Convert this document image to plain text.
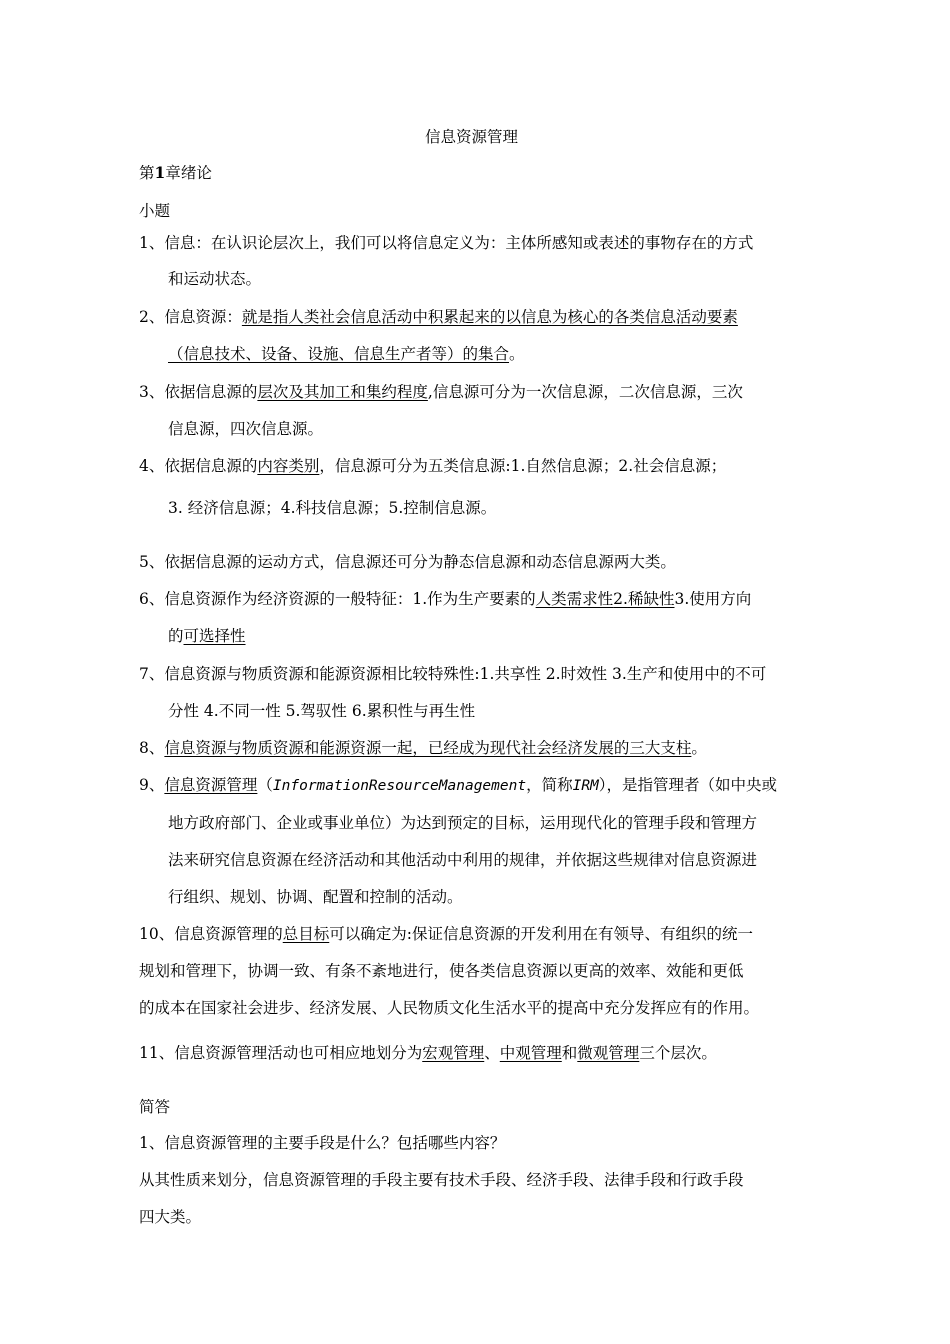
信息资源管理
第1章绪论
小题
1、信息：在认识论层次上，我们可以将信息定义为：主体所感知或表述的事物存在的方式
和运动状态。
2、信息资源：就是指人类社会信息活动中积累起来的以信息为核心的各类信息活动要素
（信息技术、设备、设施、信息生产者等）的集合。
3、依据信息源的层次及其加工和集约程度,信息源可分为一次信息源，二次信息源，三次
信息源，四次信息源。
4、依据信息源的内容类别，信息源可分为五类信息源:1.自然信息源；2.社会信息源；
3. 经济信息源；4.科技信息源；5.控制信息源。
5、依据信息源的运动方式，信息源还可分为静态信息源和动态信息源两大类。
6、信息资源作为经济资源的一般特征：1.作为生产要素的人类需求性2.稀缺性3.使用方向
的可选择性
7、信息资源与物质资源和能源资源相比较特殊性:1.共享性 2.时效性 3.生产和使用中的不可
分性 4.不同一性 5.驾驭性 6.累积性与再生性
8、信息资源与物质资源和能源资源一起，已经成为现代社会经济发展的三大支柱。
9、信息资源管理（InformationResourceManagement，简称IRM），是指管理者（如中央或
地方政府部门、企业或事业单位）为达到预定的目标，运用现代化的管理手段和管理方
法来研究信息资源在经济活动和其他活动中利用的规律，并依据这些规律对信息资源进
行组织、规划、协调、配置和控制的活动。
10、信息资源管理的总目标可以确定为:保证信息资源的开发利用在有领导、有组织的统一
规划和管理下，协调一致、有条不紊地进行，使各类信息资源以更高的效率、效能和更低
的成本在国家社会进步、经济发展、人民物质文化生活水平的提高中充分发挥应有的作用。
11、信息资源管理活动也可相应地划分为宏观管理、中观管理和微观管理三个层次。
简答
1、信息资源管理的主要手段是什么？包括哪些内容？
从其性质来划分，信息资源管理的手段主要有技术手段、经济手段、法律手段和行政手段
四大类。
